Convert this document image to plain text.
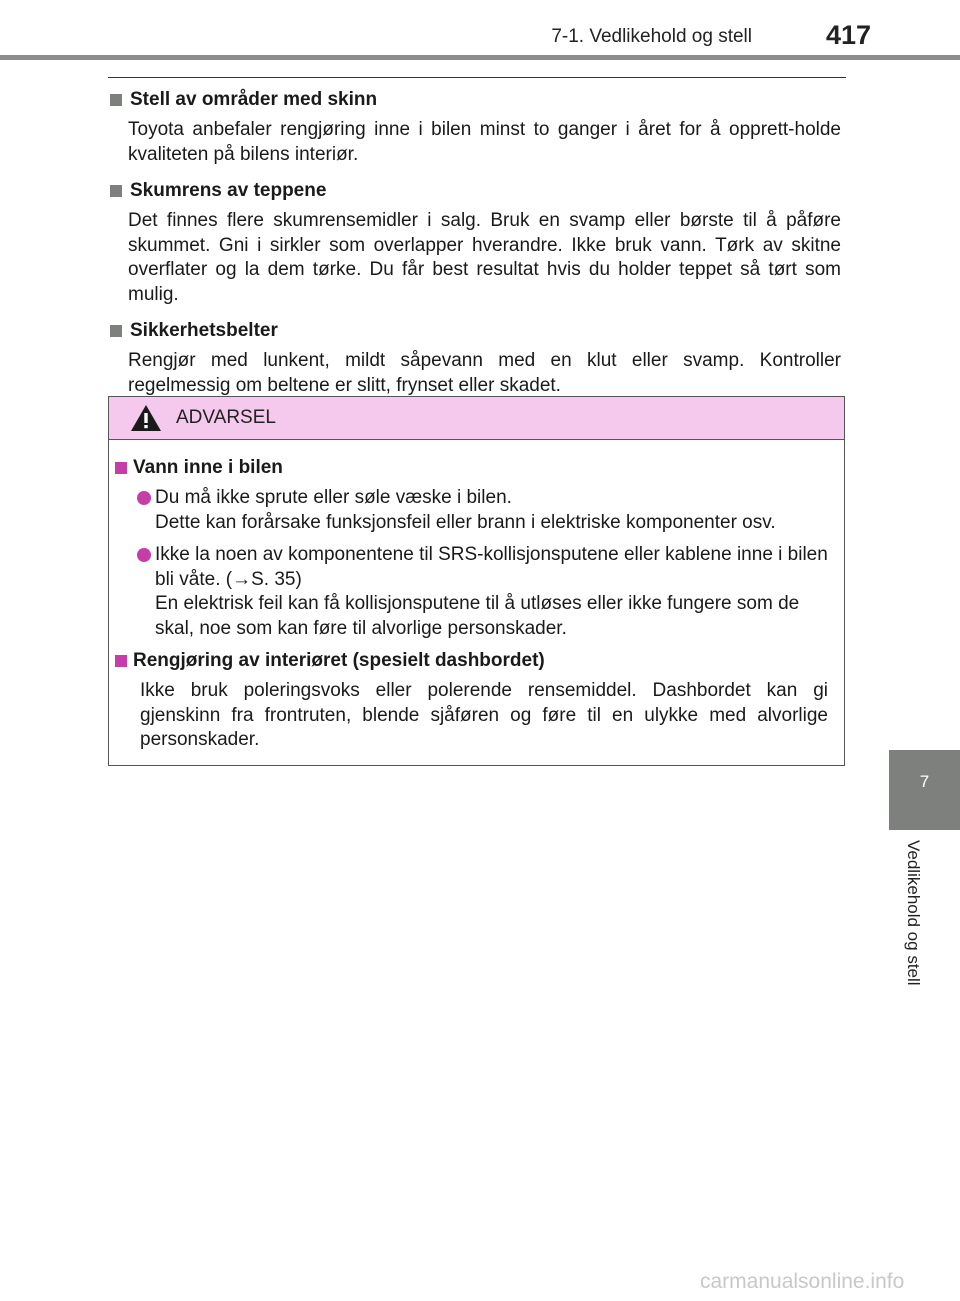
7-1. Vedlikehold og stell	417
Stell av områder med skinn

Toyota anbefaler rengjøring inne i bilen minst to ganger i året for å opprett-holde kvaliteten på bilens interiør.

Skumrens av teppene

Det finnes flere skumrensemidler i salg. Bruk en svamp eller børste til å påføre skummet. Gni i sirkler som overlapper hverandre. Ikke bruk vann. Tørk av skitne overflater og la dem tørke. Du får best resultat hvis du holder teppet så tørt som mulig.

Sikkerhetsbelter

Rengjør med lunkent, mildt såpevann med en klut eller svamp. Kontroller regelmessig om beltene er slitt, frynset eller skadet.

ADVARSEL
Vann inne i bilen
Du må ikke sprute eller søle væske i bilen.
Dette kan forårsake funksjonsfeil eller brann i elektriske komponenter osv.
Ikke la noen av komponentene til SRS-kollisjonsputene eller kablene inne i bilen bli våte. (→S. 35)
En elektrisk feil kan få kollisjonsputene til å utløses eller ikke fungere som de skal, noe som kan føre til alvorlige personskader.
Rengjøring av interiøret (spesielt dashbordet)

Ikke bruk poleringsvoks eller polerende rensemiddel. Dashbordet kan gi gjenskinn fra frontruten, blende sjåføren og føre til en ulykke med alvorlige personskader.

7
Vedlikehold og stell
carmanualsonline.info
